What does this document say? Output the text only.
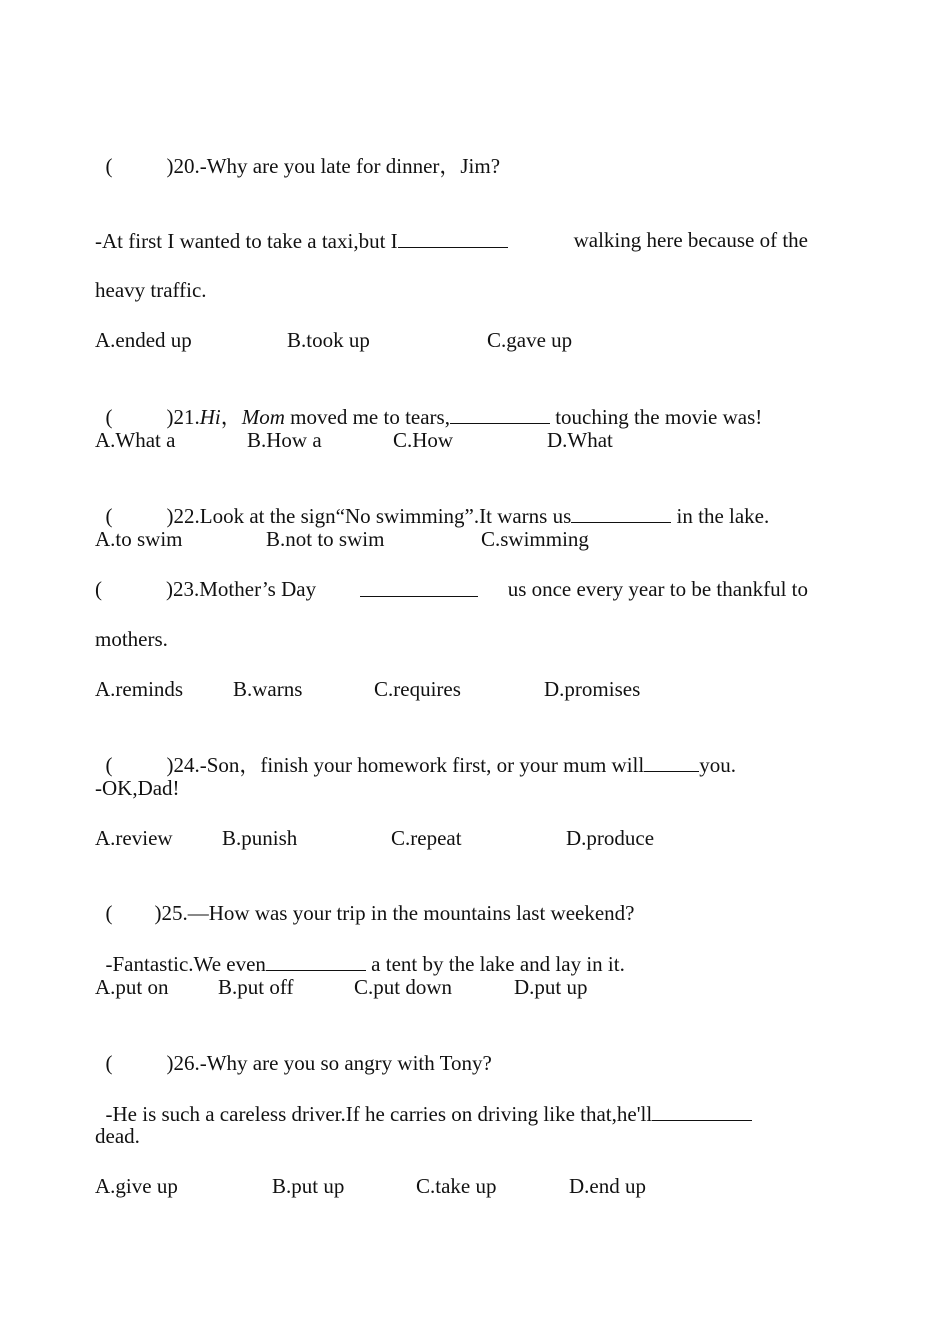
(	)20.-Why are you late for dinner，Jim?

-At first I wanted to take a taxi,but I	walking here because of the
heavy traffic.
A.ended up	B.took up	C.gave up

(	)21.Hi，Mom moved me to tears,	touching the movie was!

A.What a	B.How a	C.How	D.What

(	)22.Look at the sign“No swimming”.It warns us	in the lake.

A.to swim	B.not to swim	C.swimming
(	)23.Mother’s Day	us once every year to be thankful to
mothers.
A.reminds B.warns	C.requires	D.promises

(	)24.-Son，finish your homework first, or your mum will	you.

-OK,Dad!
A.review B.punish	C.repeat	D.produce

( )25.—How was your trip in the mountains last weekend?

-Fantastic.We even	a tent by the lake and lay in it.

A.put on B.put off	C.put down	D.put up

(	)26.-Why are you so angry with Tony?

-He is such a careless driver.If he carries on driving like that,he'll

dead.
A.give up	B.put up	C.take up	D.end up
